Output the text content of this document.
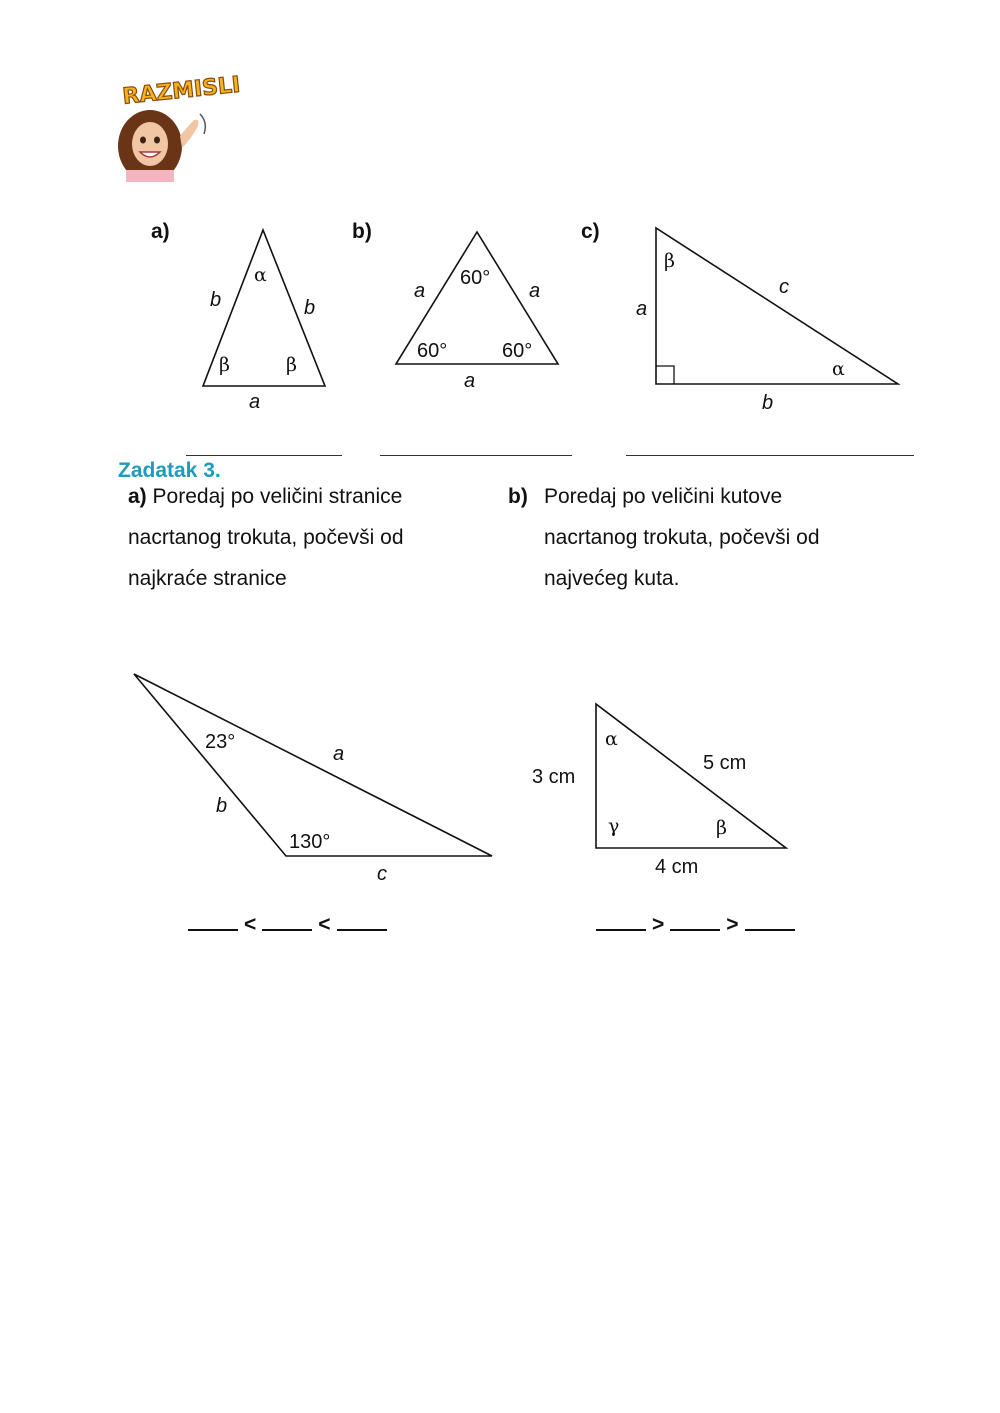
RAZMISLI
a)
α
b	b
β	β
a
b)
60°
a	a
60°	60°
a
c)
β
c
a
α
b
Zadatak 3.
a) Poredaj po veličini stranice
nacrtanog trokuta, počevši od
najkraće stranice
b) Poredaj po veličini kutove
nacrtanog trokuta, počevši od
najvećeg kuta.
23°
a
b
130°
c
α
5 cm
3 cm
γ	β
4 cm
<	<	>	>
